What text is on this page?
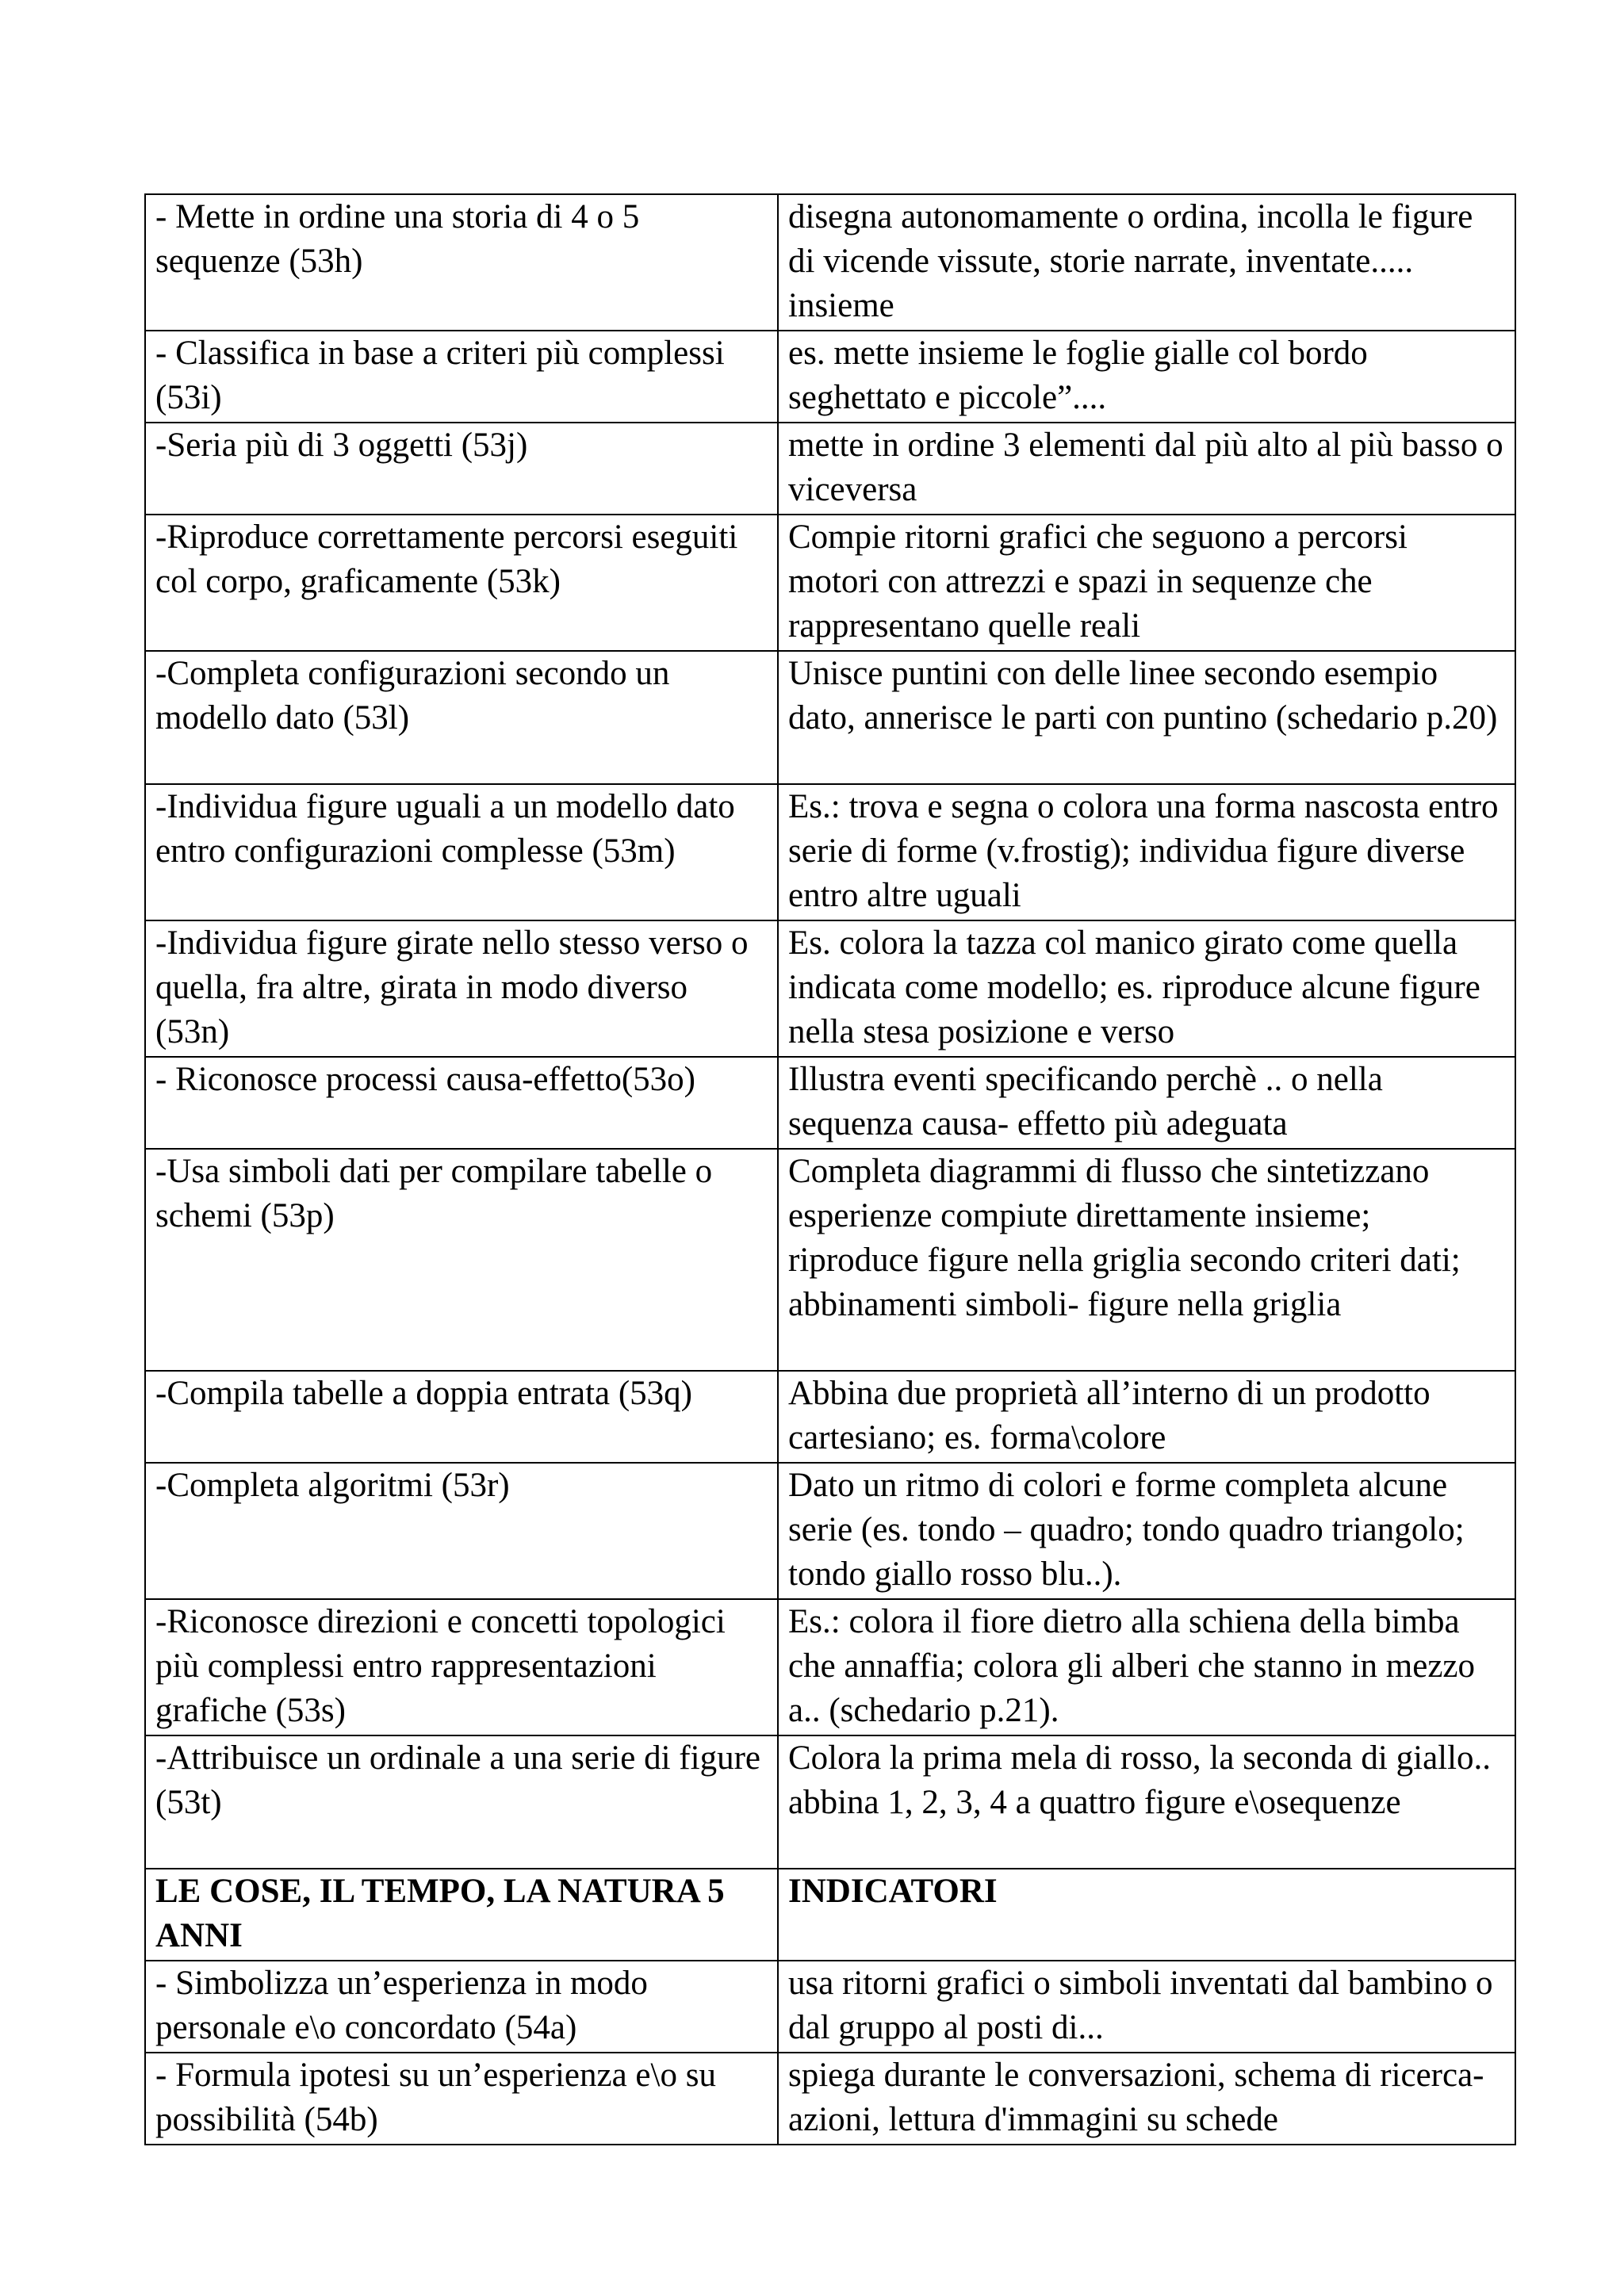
- Mette in ordine una storia di 4 o 5 sequenze (53h)	disegna autonomamente o ordina, incolla le figure di vicende vissute, storie narrate, inventate..... insieme
- Classifica in base a criteri più complessi (53i)	es. mette insieme le foglie gialle col bordo seghettato e piccole”....
-Seria più di 3 oggetti (53j)	mette in ordine 3 elementi dal più alto al più basso o viceversa
-Riproduce correttamente percorsi eseguiti col corpo, graficamente (53k)	Compie ritorni grafici che seguono a percorsi motori con attrezzi e spazi in sequenze che rappresentano quelle reali
-Completa configurazioni secondo un modello dato (53l)	Unisce puntini con delle linee secondo esempio dato, annerisce le parti con puntino (schedario p.20)
-Individua figure uguali a un modello dato entro configurazioni complesse (53m)	Es.: trova e segna o colora una forma nascosta entro serie di forme (v.frostig); individua figure diverse entro altre uguali
-Individua figure girate nello stesso verso o quella, fra altre, girata in modo diverso (53n)	Es. colora la tazza col manico girato come quella indicata come modello; es. riproduce alcune figure nella stesa posizione e verso
- Riconosce processi causa-effetto(53o)	Illustra eventi specificando perchè .. o nella sequenza causa- effetto più adeguata
-Usa simboli dati per compilare tabelle o schemi (53p)	Completa diagrammi di flusso che sintetizzano esperienze compiute direttamente insieme; riproduce figure nella griglia secondo criteri dati; abbinamenti simboli- figure nella griglia
-Compila tabelle a doppia entrata (53q)	Abbina due proprietà all’interno di un prodotto cartesiano; es. forma\colore
-Completa algoritmi (53r)	Dato un ritmo di colori e forme completa alcune serie (es. tondo – quadro; tondo quadro triangolo; tondo giallo rosso blu..).
-Riconosce direzioni e concetti topologici più complessi entro rappresentazioni grafiche (53s)	Es.: colora il fiore dietro alla schiena della bimba che annaffia; colora gli alberi che stanno in mezzo a.. (schedario p.21).
-Attribuisce un ordinale a una serie di figure (53t)	Colora la prima mela di rosso, la seconda di giallo.. abbina 1, 2, 3, 4 a quattro figure e\osequenze
LE COSE, IL TEMPO, LA NATURA 5 ANNI	INDICATORI
- Simbolizza un’esperienza in modo personale e\o concordato (54a)	usa ritorni grafici o simboli inventati dal bambino o dal gruppo al posti di...
- Formula ipotesi su un’esperienza e\o su possibilità (54b)	spiega durante le conversazioni, schema di ricerca-azioni, lettura d'immagini su schede
